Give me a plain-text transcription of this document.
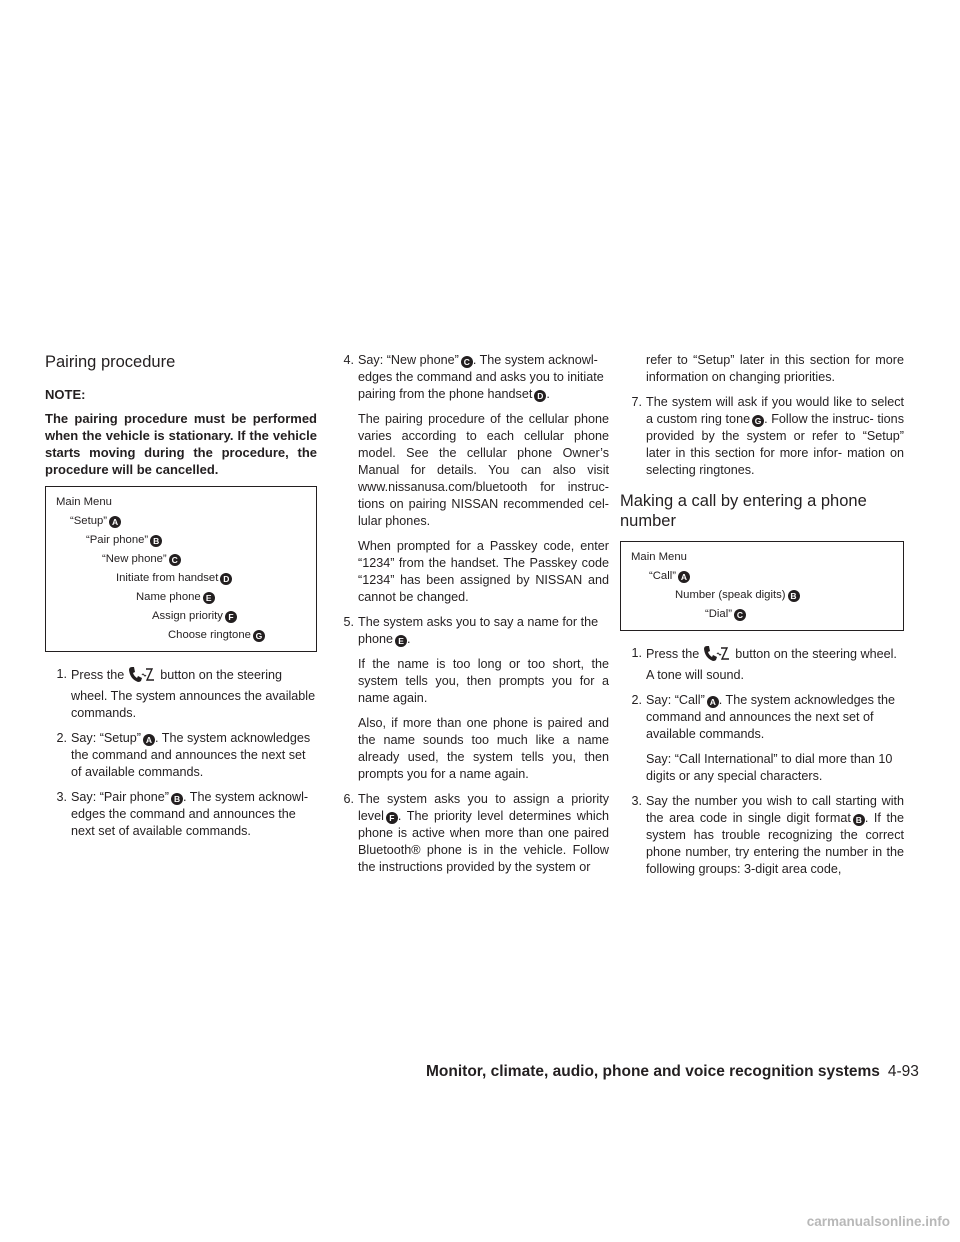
Pairing procedure

NOTE:

The pairing procedure must be performed when the vehicle is stationary. If the vehicle starts moving during the procedure, the procedure will be cancelled.

Main Menu
“Setup” A
“Pair phone” B
“New phone” C
Initiate from handset D
Name phone E
Assign priority F
Choose ringtone G
1. Press the	button on the steering wheel. The system announces the available commands.
2. Say: “Setup” A . The system acknowledges the command and announces the next set of available commands.
3. Say: “Pair phone” B . The system acknowl- edges the command and announces the next set of available commands.
4. Say: “New phone” C . The system acknowl- edges the command and asks you to initiate pairing from the phone handset D .

The pairing procedure of the cellular phone varies according to each cellular phone model. See the cellular phone Owner’s Manual for details. You can also visit www.nissanusa.com/bluetooth for instruc- tions on pairing NISSAN recommended cel- lular phones.

When prompted for a Passkey code, enter “1234” from the handset. The Passkey code “1234” has been assigned by NISSAN and cannot be changed.

5. The system asks you to say a name for the phone E .

If the name is too long or too short, the system tells you, then prompts you for a name again.

Also, if more than one phone is paired and the name sounds too much like a name already used, the system tells you, then prompts you for a name again.

6. The system asks you to assign a priority level F . The priority level determines which phone is active when more than one paired Bluetooth® phone is in the vehicle. Follow the instructions provided by the system or

refer to “Setup” later in this section for more information on changing priorities.

7. The system will ask if you would like to select a custom ring tone G . Follow the instruc- tions provided by the system or refer to “Setup” later in this section for more infor- mation on selecting ringtones.
Making a call by entering a phone number
Main Menu
“Call” A
Number (speak digits) B
“Dial” C
1. Press the	button on the steering wheel. A tone will sound.
2. Say: “Call” A . The system acknowledges the command and announces the next set of available commands.

Say: “Call International” to dial more than 10 digits or any special characters.

3. Say the number you wish to call starting with the area code in single digit format B . If the system has trouble recognizing the correct phone number, try entering the number in the following groups: 3-digit area code,
Monitor, climate, audio, phone and voice recognition systems 4-93
carmanualsonline.info
